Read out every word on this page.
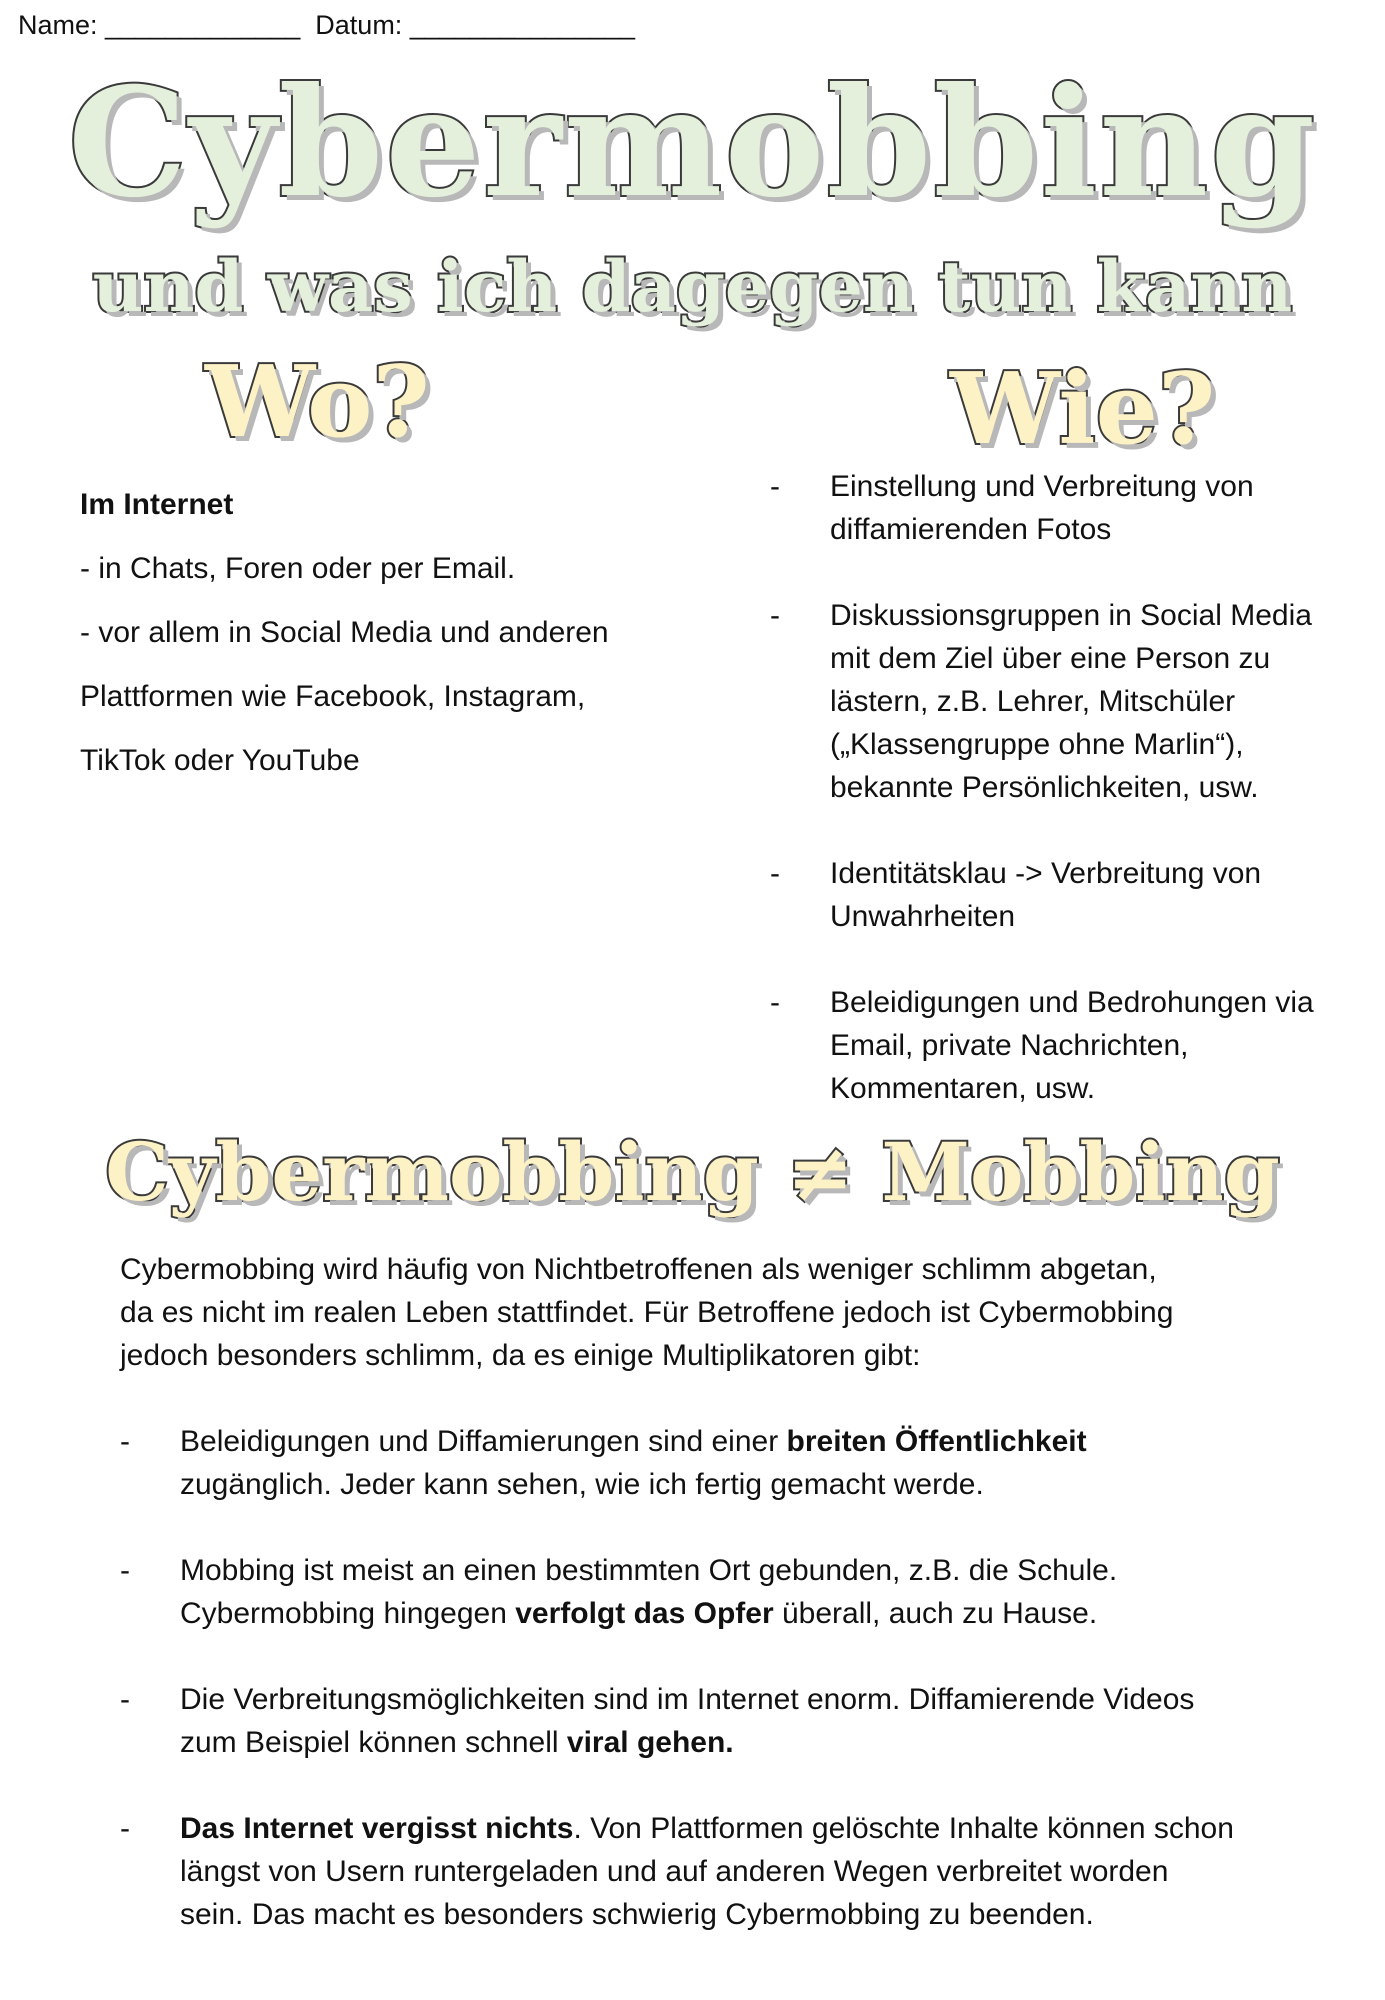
Name: _____________ Datum: _______________
Cybermobbing
und was ich dagegen tun kann
Wo?	Wie?

Im Internet

- in Chats, Foren oder per Email.

- vor allem in Social Media und anderen

Plattformen wie Facebook, Instagram,

TikTok oder YouTube

- Einstellung und Verbreitung von
diffamierenden Fotos
- Diskussionsgruppen in Social Media
mit dem Ziel über eine Person zu
lästern, z.B. Lehrer, Mitschüler
(„Klassengruppe ohne Marlin“),
bekannte Persönlichkeiten, usw.
- Identitätsklau -> Verbreitung von
Unwahrheiten
- Beleidigungen und Bedrohungen via
Email, private Nachrichten,
Kommentaren, usw.
Cybermobbing ≠ Mobbing
Cybermobbing wird häufig von Nichtbetroffenen als weniger schlimm abgetan,
da es nicht im realen Leben stattfindet. Für Betroffene jedoch ist Cybermobbing
jedoch besonders schlimm, da es einige Multiplikatoren gibt:
- Beleidigungen und Diffamierungen sind einer breiten Öffentlichkeit
zugänglich. Jeder kann sehen, wie ich fertig gemacht werde.
- Mobbing ist meist an einen bestimmten Ort gebunden, z.B. die Schule.
Cybermobbing hingegen verfolgt das Opfer überall, auch zu Hause.
- Die Verbreitungsmöglichkeiten sind im Internet enorm. Diffamierende Videos
zum Beispiel können schnell viral gehen.
- Das Internet vergisst nichts. Von Plattformen gelöschte Inhalte können schon
längst von Usern runtergeladen und auf anderen Wegen verbreitet worden
sein. Das macht es besonders schwierig Cybermobbing zu beenden.
